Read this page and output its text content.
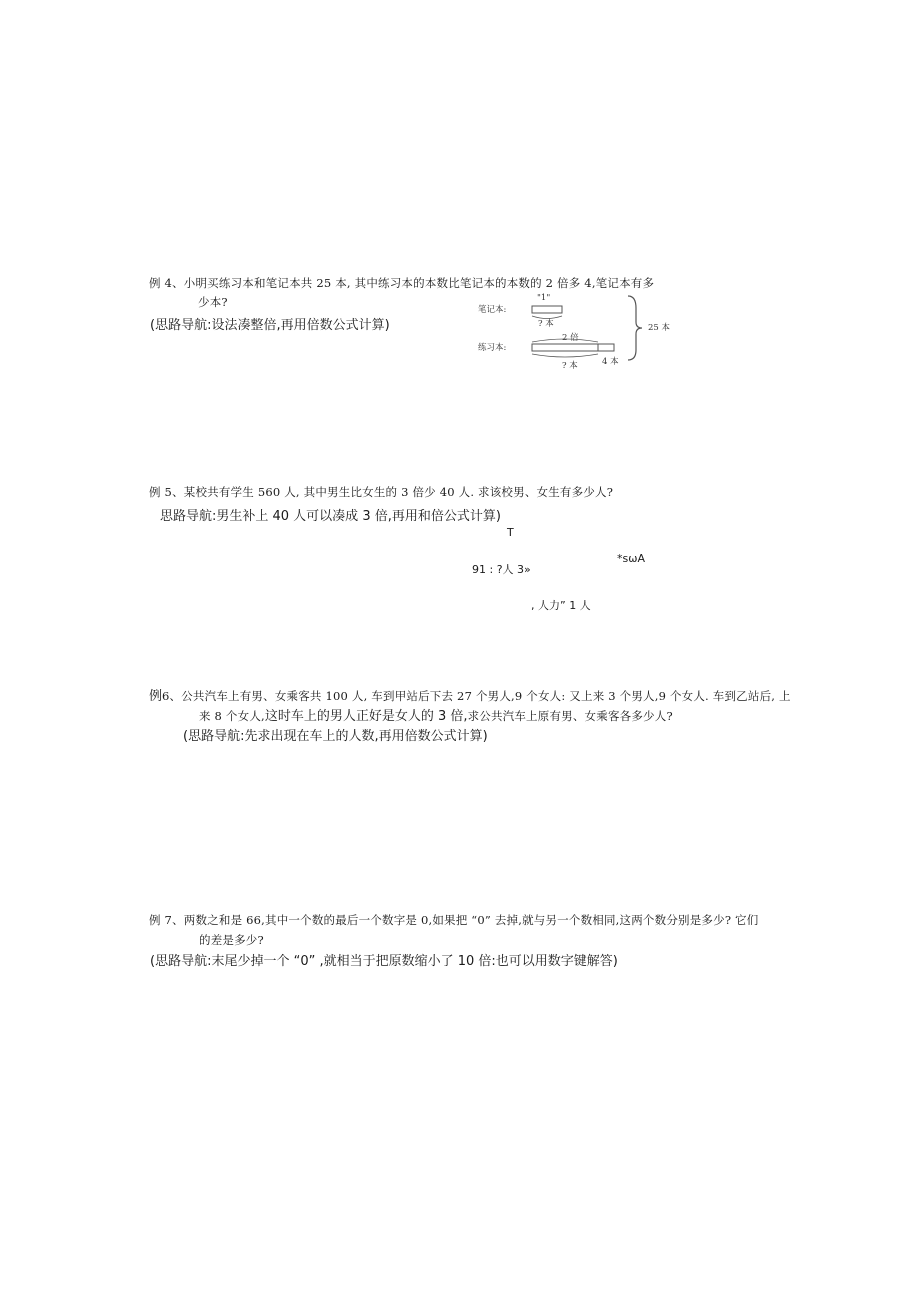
例 4、小明买练习本和笔记本共 25 本, 其中练习本的本数比笔记本的本数的 2 倍多 4,笔记本有多
少本?
(思路导航:设法凑整倍,再用倍数公式计算)
笔记本:
"1"
? 本
练习本:
2 倍
? 本	4 本
25 本
例 5、某校共有学生 560 人, 其中男生比女生的 3 倍少 40 人. 求该校男、女生有多少人?
思路导航:男生补上 40 人可以凑成 3 倍,再用和倍公式计算)
T
*sωA
91 : ?人 3»
, 人力” 1 人
例6、公共汽车上有男、女乘客共 100 人, 车到甲站后下去 27 个男人,9 个女人: 又上来 3 个男人,9 个女人. 车到乙站后, 上
来 8 个女人,这时车上的男人正好是女人的 3 倍,求公共汽车上原有男、女乘客各多少人?
(思路导航:先求出现在车上的人数,再用倍数公式计算)
例 7、两数之和是 66,其中一个数的最后一个数字是 0,如果把 “0” 去掉,就与另一个数相同,这两个数分别是多少? 它们
的差是多少?
(思路导航:末尾少掉一个 “0” ,就相当于把原数缩小了 10 倍:也可以用数字键解答)
